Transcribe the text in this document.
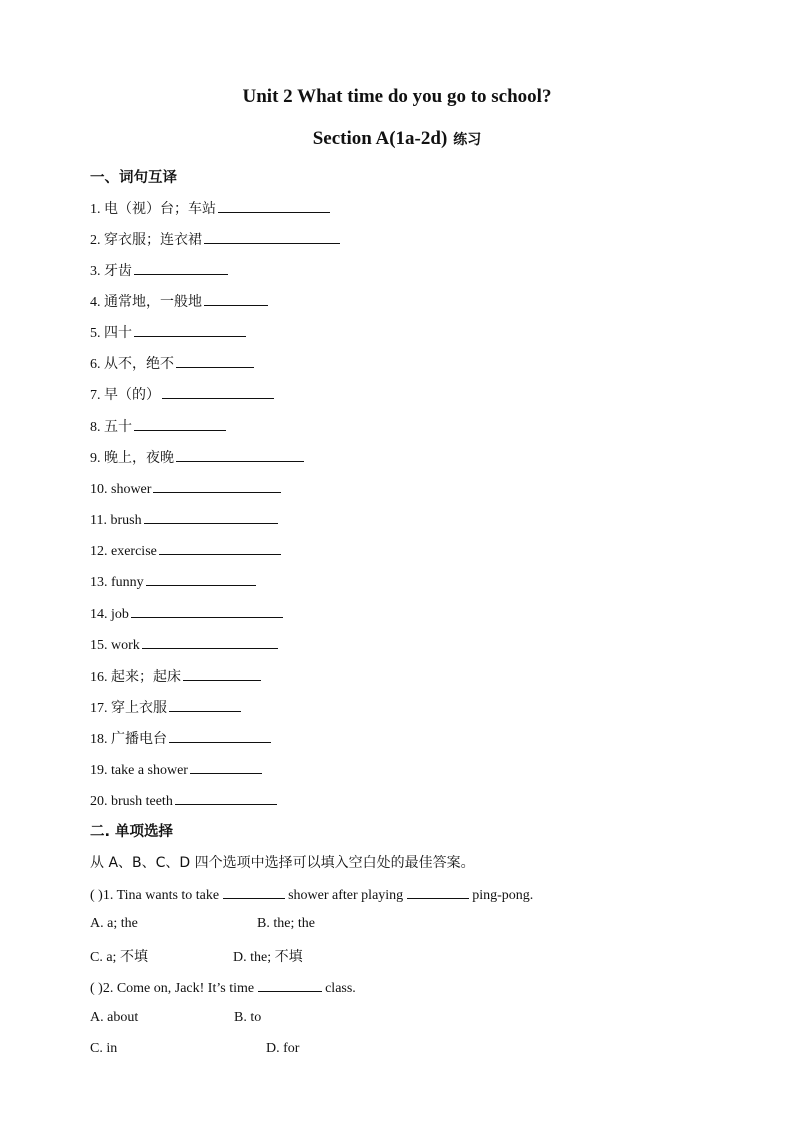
Unit 2 What time do you go to school?
Section A(1a-2d) 练习
一、词句互译
1. 电（视）台；车站
2. 穿衣服；连衣裙
3. 牙齿
4. 通常地，一般地
5. 四十
6. 从不，绝不
7. 早（的）
8. 五十
9. 晚上，夜晚
10. shower
11. brush
12. exercise
13. funny
14. job
15. work
16. 起来；起床
17. 穿上衣服
18. 广播电台
19. take a shower
20. brush teeth
二. 单项选择
从 A、B、C、D 四个选项中选择可以填入空白处的最佳答案。
( )1. Tina wants to take	shower after playing	ping-pong.
A. a; the	B. the; the
C. a; 不填	D. the; 不填
( )2. Come on, Jack! It’s time	class.
A. about	B. to
C. in	D. for
